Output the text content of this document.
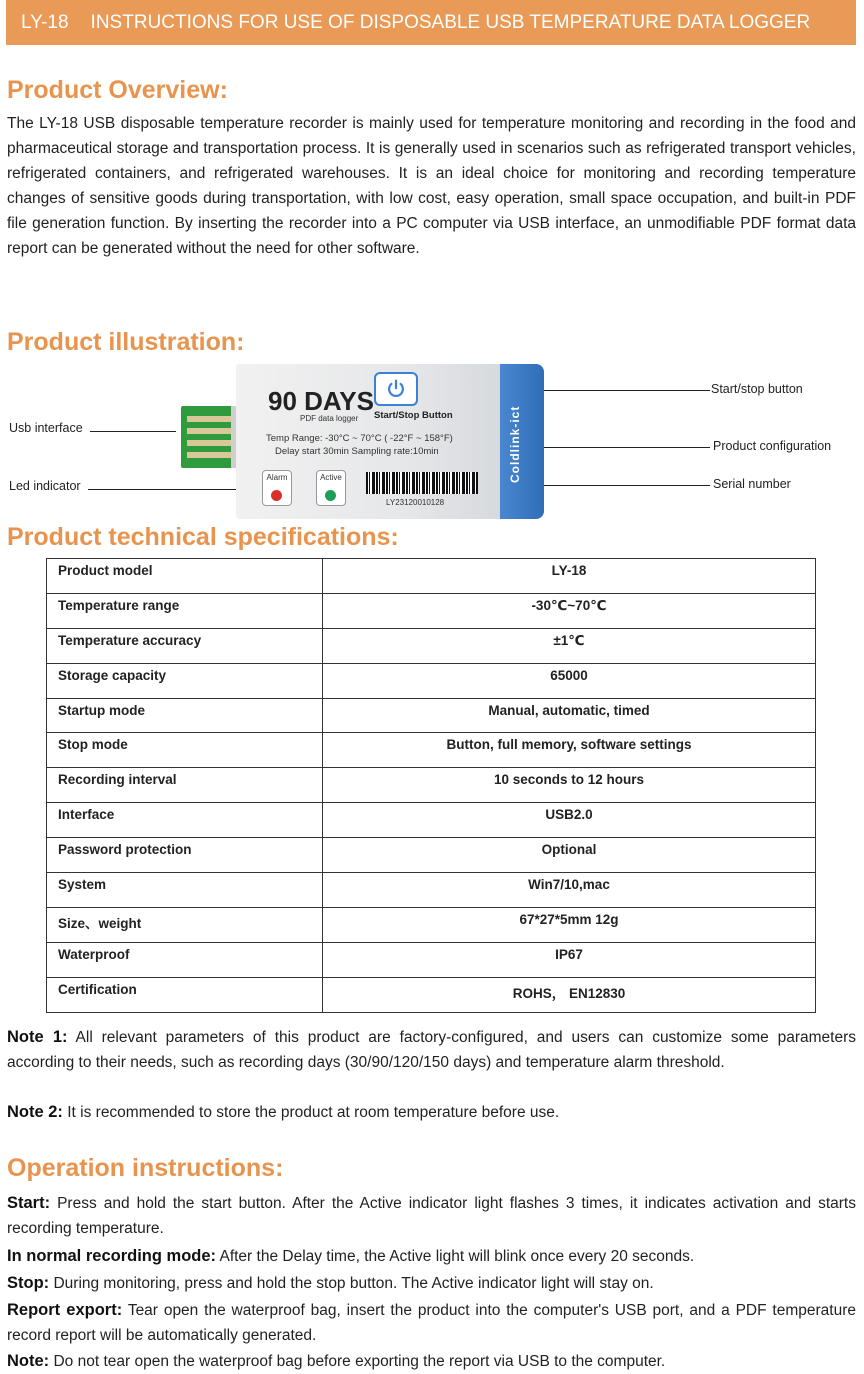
LY-18 INSTRUCTIONS FOR USE OF DISPOSABLE USB TEMPERATURE DATA LOGGER
Product Overview:

The LY-18 USB disposable temperature recorder is mainly used for temperature monitoring and recording in the food and pharmaceutical storage and transportation process. It is generally used in scenarios such as refrigerated transport vehicles, refrigerated containers, and refrigerated warehouses. It is an ideal choice for monitoring and recording temperature changes of sensitive goods during transportation, with low cost, easy operation, small space occupation, and built-in PDF file generation function. By inserting the recorder into a PC computer via USB interface, an unmodifiable PDF format data report can be generated without the need for other software.

Product illustration:
Usb interface
Led indicator
Start/stop button
Product configuration
Serial number
Coldlink-ict
90 DAYS
PDF data logger Start/Stop Button
Temp Range: -30°C ~ 70°C ( -22°F ~ 158°F)
Delay start 30min Sampling rate:10min
Alarm	Active
LY23120010128
Product technical specifications:
Product model	LY-18
Temperature range	-30℃~70℃
Temperature accuracy	±1℃
Storage capacity	65000
Startup mode	Manual, automatic, timed
Stop mode	Button, full memory, software settings
Recording interval	10 seconds to 12 hours
Interface	USB2.0
Password protection	Optional
System	Win7/10,mac
Size、weight	67*27*5mm 12g
Waterproof	IP67
Certification	ROHS， EN12830

Note 1: All relevant parameters of this product are factory-configured, and users can customize some parameters according to their needs, such as recording days (30/90/120/150 days) and temperature alarm threshold.

Note 2: It is recommended to store the product at room temperature before use.

Operation instructions:

Start: Press and hold the start button. After the Active indicator light flashes 3 times, it indicates activation and starts recording temperature.

In normal recording mode: After the Delay time, the Active light will blink once every 20 seconds.

Stop: During monitoring, press and hold the stop button. The Active indicator light will stay on.

Report export: Tear open the waterproof bag, insert the product into the computer's USB port, and a PDF temperature record report will be automatically generated.

Note: Do not tear open the waterproof bag before exporting the report via USB to the computer.
